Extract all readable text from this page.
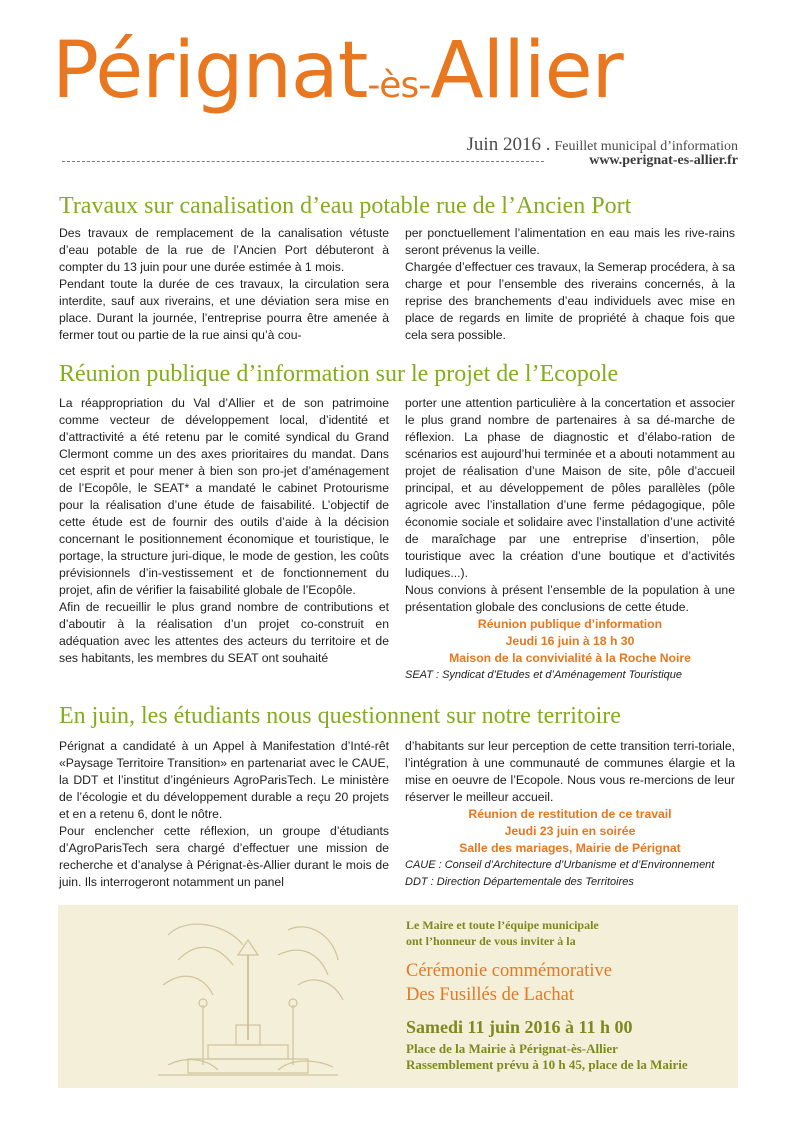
Pérignat-ès-Allier
Juin 2016 . Feuillet municipal d’information
www.perignat-es-allier.fr
Travaux sur canalisation d’eau potable rue de l’Ancien Port

Des travaux de remplacement de la canalisation vétuste d’eau potable de la rue de l’Ancien Port débuteront à compter du 13 juin pour une durée estimée à 1 mois.

Pendant toute la durée de ces travaux, la circulation sera interdite, sauf aux riverains, et une déviation sera mise en place. Durant la journée, l’entreprise pourra être amenée à fermer tout ou partie de la rue ainsi qu’à cou-

per ponctuellement l’alimentation en eau mais les rive-rains seront prévenus la veille.

Chargée d’effectuer ces travaux, la Semerap procédera, à sa charge et pour l’ensemble des riverains concernés, à la reprise des branchements d’eau individuels avec mise en place de regards en limite de propriété à chaque fois que cela sera possible.

Réunion publique d’information sur le projet de l’Ecopole

La réappropriation du Val d’Allier et de son patrimoine comme vecteur de développement local, d’identité et d’attractivité a été retenu par le comité syndical du Grand Clermont comme un des axes prioritaires du mandat. Dans cet esprit et pour mener à bien son pro-jet d’aménagement de l’Ecopôle, le SEAT* a mandaté le cabinet Protourisme pour la réalisation d’une étude de faisabilité. L’objectif de cette étude est de fournir des outils d’aide à la décision concernant le positionnement économique et touristique, le portage, la structure juri-dique, le mode de gestion, les coûts prévisionnels d’in-vestissement et de fonctionnement du projet, afin de vérifier la faisabilité globale de l’Ecopôle.

Afin de recueillir le plus grand nombre de contributions et d’aboutir à la réalisation d’un projet co-construit en adéquation avec les attentes des acteurs du territoire et de ses habitants, les membres du SEAT ont souhaité

porter une attention particulière à la concertation et associer le plus grand nombre de partenaires à sa dé-marche de réflexion. La phase de diagnostic et d’élabo-ration de scénarios est aujourd’hui terminée et a abouti notamment au projet de réalisation d’une Maison de site, pôle d’accueil principal, et au développement de pôles parallèles (pôle agricole avec l’installation d’une ferme pédagogique, pôle économie sociale et solidaire avec l’installation d’une activité de maraîchage par une entreprise d’insertion, pôle touristique avec la création d’une boutique et d’activités ludiques...).

Nous convions à présent l’ensemble de la population à une présentation globale des conclusions de cette étude.

Réunion publique d’information

Jeudi 16 juin à 18 h 30

Maison de la convivialité à la Roche Noire

SEAT : Syndicat d’Etudes et d’Aménagement Touristique

En juin, les étudiants nous questionnent sur notre territoire

Pérignat a candidaté à un Appel à Manifestation d’Inté-rêt «Paysage Territoire Transition» en partenariat avec le CAUE, la DDT et l’institut d’ingénieurs AgroParisTech. Le ministère de l’écologie et du développement durable a reçu 20 projets et en a retenu 6, dont le nôtre.

Pour enclencher cette réflexion, un groupe d’étudiants d’AgroParisTech sera chargé d’effectuer une mission de recherche et d’analyse à Pérignat-ès-Allier durant le mois de juin. Ils interrogeront notamment un panel

d’habitants sur leur perception de cette transition terri-toriale, l’intégration à une communauté de communes élargie et la mise en oeuvre de l’Ecopole. Nous vous re-mercions de leur réserver le meilleur accueil.

Réunion de restitution de ce travail

Jeudi 23 juin en soirée

Salle des mariages, Mairie de Pérignat

CAUE : Conseil d’Architecture d’Urbanisme et d’Environnement

DDT : Direction Départementale des Territoires

Le Maire et toute l’équipe municipale
ont l’honneur de vous inviter à la
Cérémonie commémorative
Des Fusillés de Lachat
Samedi 11 juin 2016 à 11 h 00
Place de la Mairie à Pérignat-ès-Allier
Rassemblement prévu à 10 h 45, place de la Mairie
